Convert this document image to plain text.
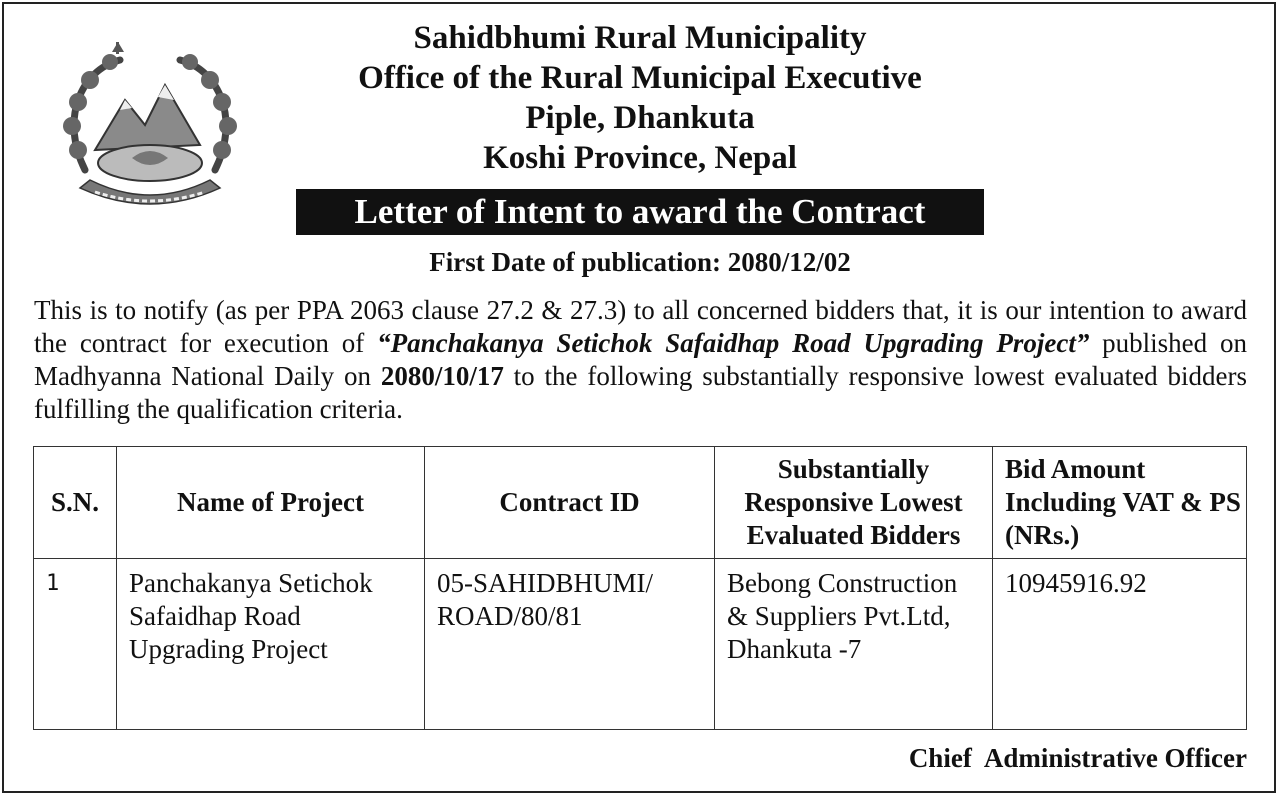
Sahidbhumi Rural Municipality
Office of the Rural Municipal Executive
Piple, Dhankuta
Koshi Province, Nepal
Letter of Intent to award the Contract
First Date of publication: 2080/12/02
This is to notify (as per PPA 2063 clause 27.2 & 27.3) to all concerned bidders that, it is our intention to award the contract for execution of “Panchakanya Setichok Safaidhap Road Upgrading Project” published on Madhyanna National Daily on 2080/10/17 to the following substantially responsive lowest evaluated bidders fulfilling the qualification criteria.
S.N.	Name of Project	Contract ID	Substantially Responsive Lowest Evaluated Bidders	Bid Amount Including VAT & PS (NRs.)
1	Panchakanya Setichok Safaidhap Road Upgrading Project	05-SAHIDBHUMI/ ROAD/80/81	Bebong Construction & Suppliers Pvt.Ltd, Dhankuta -7	10945916.92
Chief  Administrative Officer
